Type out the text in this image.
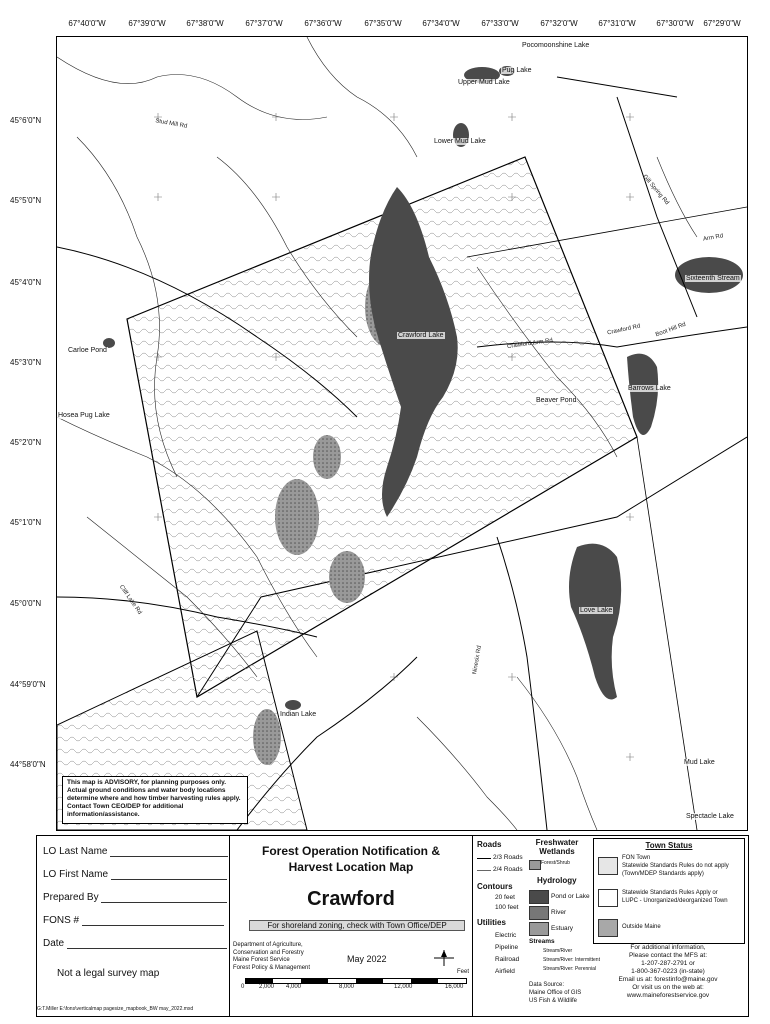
67°40'0"W	67°39'0"W	67°38'0"W	67°37'0"W	67°36'0"W	67°35'0"W	67°34'0"W	67°33'0"W	67°32'0"W	67°31'0"W	67°30'0"W 67°29'0"W
45°6'0"N
45°5'0"N
45°4'0"N
45°3'0"N
45°2'0"N
45°1'0"N
45°0'0"N
44°59'0"N
44°58'0"N
Pocomoonshine Lake
Pug Lake
Upper Mud Lake
Lower Mud Lake
Sixteenth Stream
Crawford Lake
Carloe Pond
Barrows Lake
Beaver Pond
Hosea Pug Lake
Love Lake
Indian Lake
Mud Lake
Spectacle Lake
Stud Mill Rd
Crawford Rd
Crawford Arm Rd
Cliff Lake Rd
Ninesix Rd
Arm Rd
Gill Spring Rd
Boot Hill Rd
This map is ADVISORY, for planning purposes only. Actual ground conditions and water body locations determine where and how timber harvesting rules apply. Contact Town CEO/DEP for additional information/assistance.
LO Last Name
LO First Name
Prepared By
FONS #
Date
Not a legal survey map
G:T.Miller E:\fons\verticalmap pagesize_mapbook_BW may_2022.mxd
Forest Operation Notification &
Harvest Location Map
Crawford
For shoreland zoning, check with Town Office/DEP
Department of Agriculture,
Conservation and Forestry
Maine Forest Service
Forest Policy & Management
May 2022
Feet
0 2,000 4,000	8,000	12,000	16,000
Roads
2/3 Roads
2/4 Roads
Contours
20 feet
100 feet
Utilities
Electric
Pipeline
Railroad
Airfield
Freshwater Wetlands
Forest/Shrub
Hydrology
Pond or Lake
River
Estuary
Streams
Stream/River
Stream/River: Intermittent
Stream/River: Perennial
Data Source:
Maine Office of GIS
US Fish & Wildlife
Town Status
FON Town
Statewide Standards Rules do not apply
(Town/MDEP Standards apply)
Statewide Standards Rules Apply or
LUPC - Unorganized/deorganized Town
Outside Maine
For additional information,
Please contact the MFS at:
1-207-287-2791 or
1-800-367-0223 (in-state)
Email us at: forestinfo@maine.gov
Or visit us on the web at:
www.maineforestservice.gov
